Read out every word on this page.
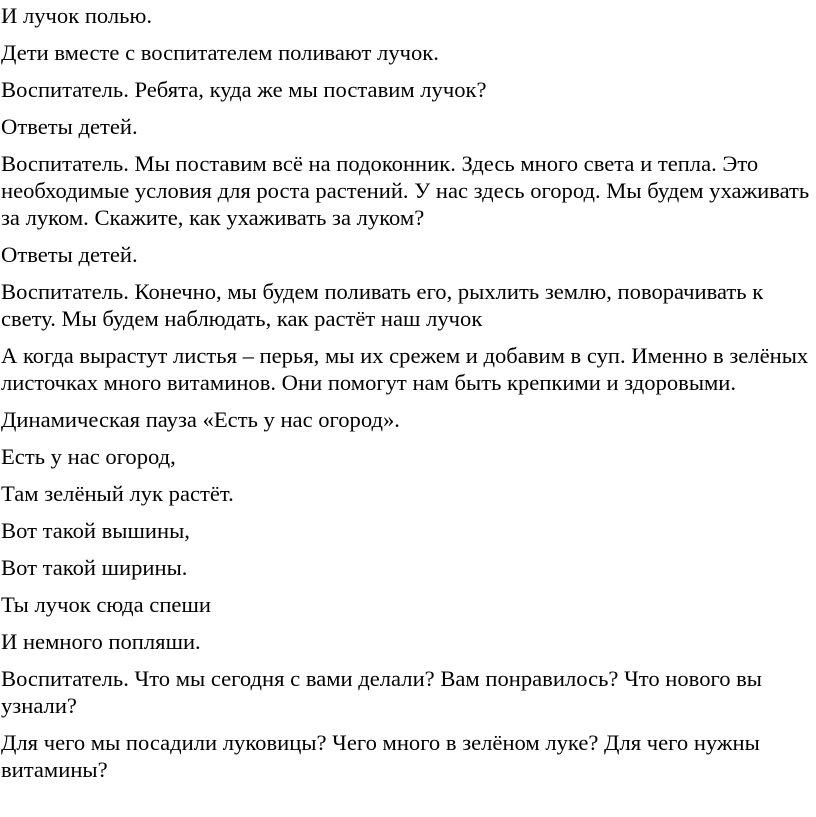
И лучок полью.

Дети вместе с воспитателем поливают лучок.

Воспитатель. Ребята, куда же мы поставим лучок?

Ответы детей.

Воспитатель. Мы поставим всё на подоконник. Здесь много света и тепла. Это необходимые условия для роста растений. У нас здесь огород. Мы будем ухаживать за луком. Скажите, как ухаживать за луком?

Ответы детей.

Воспитатель. Конечно, мы будем поливать его, рыхлить землю, поворачивать к свету. Мы будем наблюдать, как растёт наш лучок

А когда вырастут листья – перья, мы их срежем и добавим в суп. Именно в зелёных листочках много витаминов. Они помогут нам быть крепкими и здоровыми.

Динамическая пауза «Есть у нас огород».

Есть у нас огород,

Там зелёный лук растёт.

Вот такой вышины,

Вот такой ширины.

Ты лучок сюда спеши

И немного попляши.

Воспитатель. Что мы сегодня с вами делали? Вам понравилось? Что нового вы узнали?

Для чего мы посадили луковицы? Чего много в зелёном луке? Для чего нужны витамины?
